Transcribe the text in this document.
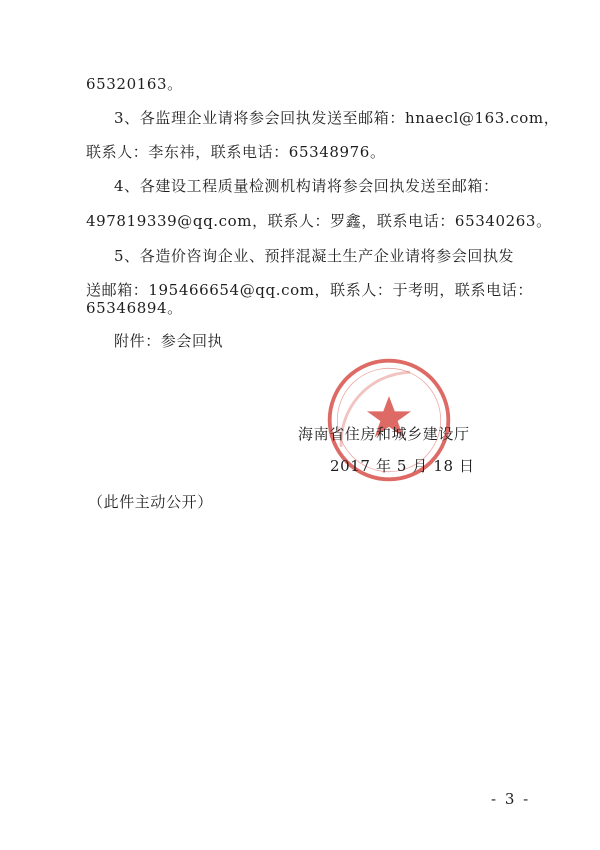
65320163。
3、各监理企业请将参会回执发送至邮箱：hnaecl@163.com，
联系人：李东祎，联系电话：65348976。
4、各建设工程质量检测机构请将参会回执发送至邮箱：
497819339@qq.com，联系人：罗鑫，联系电话：65340263。
5、各造价咨询企业、预拌混凝土生产企业请将参会回执发
送邮箱：195466654@qq.com，联系人：于考明，联系电话：
65346894。
附件：参会回执
海南省住房和城乡建设厅
2017 年 5 月 18 日
（此件主动公开）
- 3 -
